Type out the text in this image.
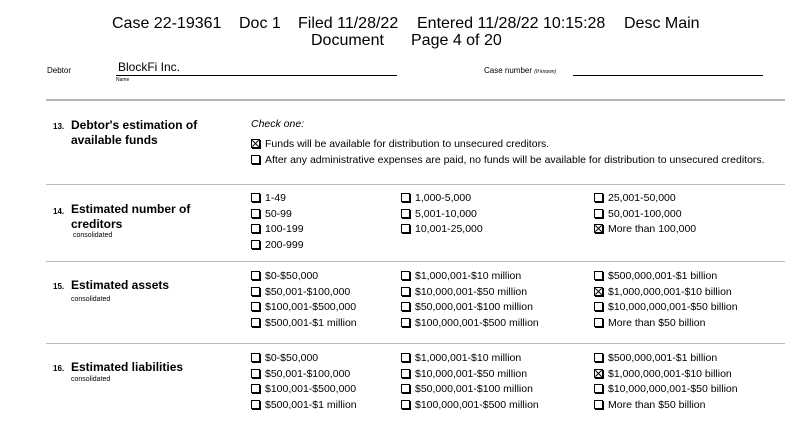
Case 22-19361 Doc 1 Filed 11/28/22 Entered 11/28/22 10:15:28 Desc Main
Document Page 4 of 20
Debtor	BlockFi Inc.
Name
Case number (If known)
13. Debtor's estimation of
available funds
Check one:
Funds will be available for distribution to unsecured creditors.
After any administrative expenses are paid, no funds will be available for distribution to unsecured creditors.
14. Estimated number of
creditors
consolidated
15. Estimated assets
consolidated
16. Estimated liabilities
consolidated
1-49
50-99
100-199
200-999
1,000-5,000
5,001-10,000
10,001-25,000
25,001-50,000
50,001-100,000
More than 100,000
$0-$50,000
$50,001-$100,000
$100,001-$500,000
$500,001-$1 million
$1,000,001-$10 million
$10,000,001-$50 million
$50,000,001-$100 million
$100,000,001-$500 million
$500,000,001-$1 billion
$1,000,000,001-$10 billion
$10,000,000,001-$50 billion
More than $50 billion
$0-$50,000
$50,001-$100,000
$100,001-$500,000
$500,001-$1 million
$1,000,001-$10 million
$10,000,001-$50 million
$50,000,001-$100 million
$100,000,001-$500 million
$500,000,001-$1 billion
$1,000,000,001-$10 billion
$10,000,000,001-$50 billion
More than $50 billion
